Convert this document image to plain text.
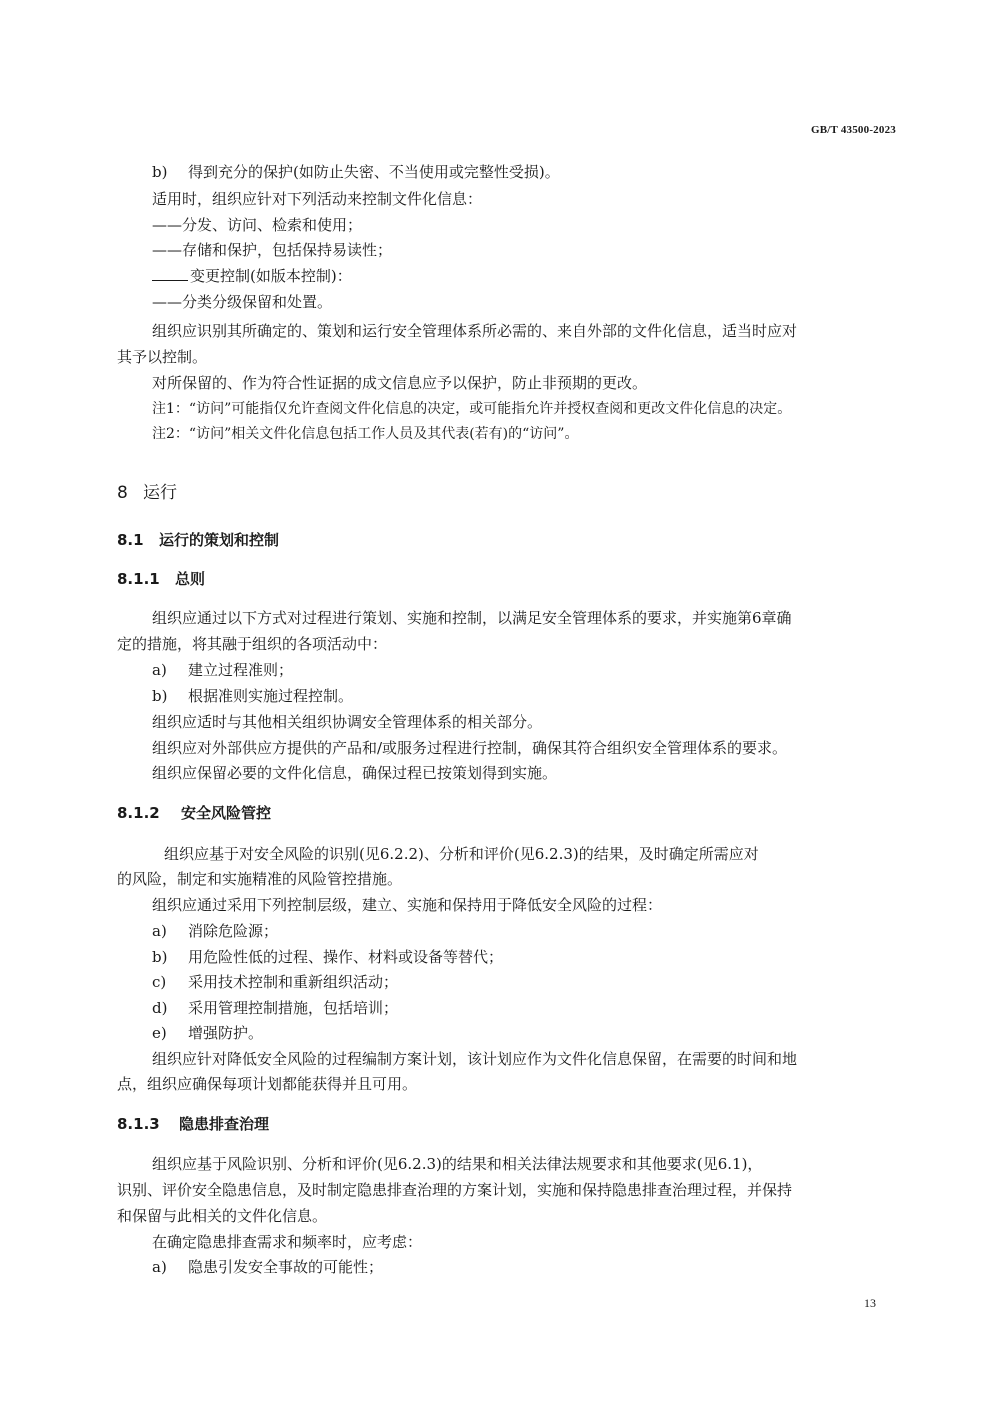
GB/T 43500-2023
b) 得到充分的保护(如防止失密、不当使用或完整性受损)。
适用时，组织应针对下列活动来控制文件化信息：
——分发、访问、检索和使用；
——存储和保护，包括保持易读性；
变更控制(如版本控制)：
——分类分级保留和处置。
组织应识别其所确定的、策划和运行安全管理体系所必需的、来自外部的文件化信息，适当时应对
其予以控制。
对所保留的、作为符合性证据的成文信息应予以保护，防止非预期的更改。
注1：“访问”可能指仅允许查阅文件化信息的决定，或可能指允许并授权查阅和更改文件化信息的决定。
注2：“访问”相关文件化信息包括工作人员及其代表(若有)的“访问”。
8 运行
8.1 运行的策划和控制
8.1.1 总则
组织应通过以下方式对过程进行策划、实施和控制，以满足安全管理体系的要求，并实施第6章确
定的措施，将其融于组织的各项活动中：
a) 建立过程准则；
b) 根据准则实施过程控制。
组织应适时与其他相关组织协调安全管理体系的相关部分。
组织应对外部供应方提供的产品和/或服务过程进行控制，确保其符合组织安全管理体系的要求。
组织应保留必要的文件化信息，确保过程已按策划得到实施。
8.1.2 安全风险管控
组织应基于对安全风险的识别(见6.2.2)、分析和评价(见6.2.3)的结果，及时确定所需应对
的风险，制定和实施精准的风险管控措施。
组织应通过采用下列控制层级，建立、实施和保持用于降低安全风险的过程：
a) 消除危险源；
b) 用危险性低的过程、操作、材料或设备等替代；
c) 采用技术控制和重新组织活动；
d) 采用管理控制措施，包括培训；
e) 增强防护。
组织应针对降低安全风险的过程编制方案计划，该计划应作为文件化信息保留，在需要的时间和地
点，组织应确保每项计划都能获得并且可用。
8.1.3 隐患排查治理
组织应基于风险识别、分析和评价(见6.2.3)的结果和相关法律法规要求和其他要求(见6.1)，
识别、评价安全隐患信息，及时制定隐患排查治理的方案计划，实施和保持隐患排查治理过程，并保持
和保留与此相关的文件化信息。
在确定隐患排查需求和频率时，应考虑：
a) 隐患引发安全事故的可能性；
13
